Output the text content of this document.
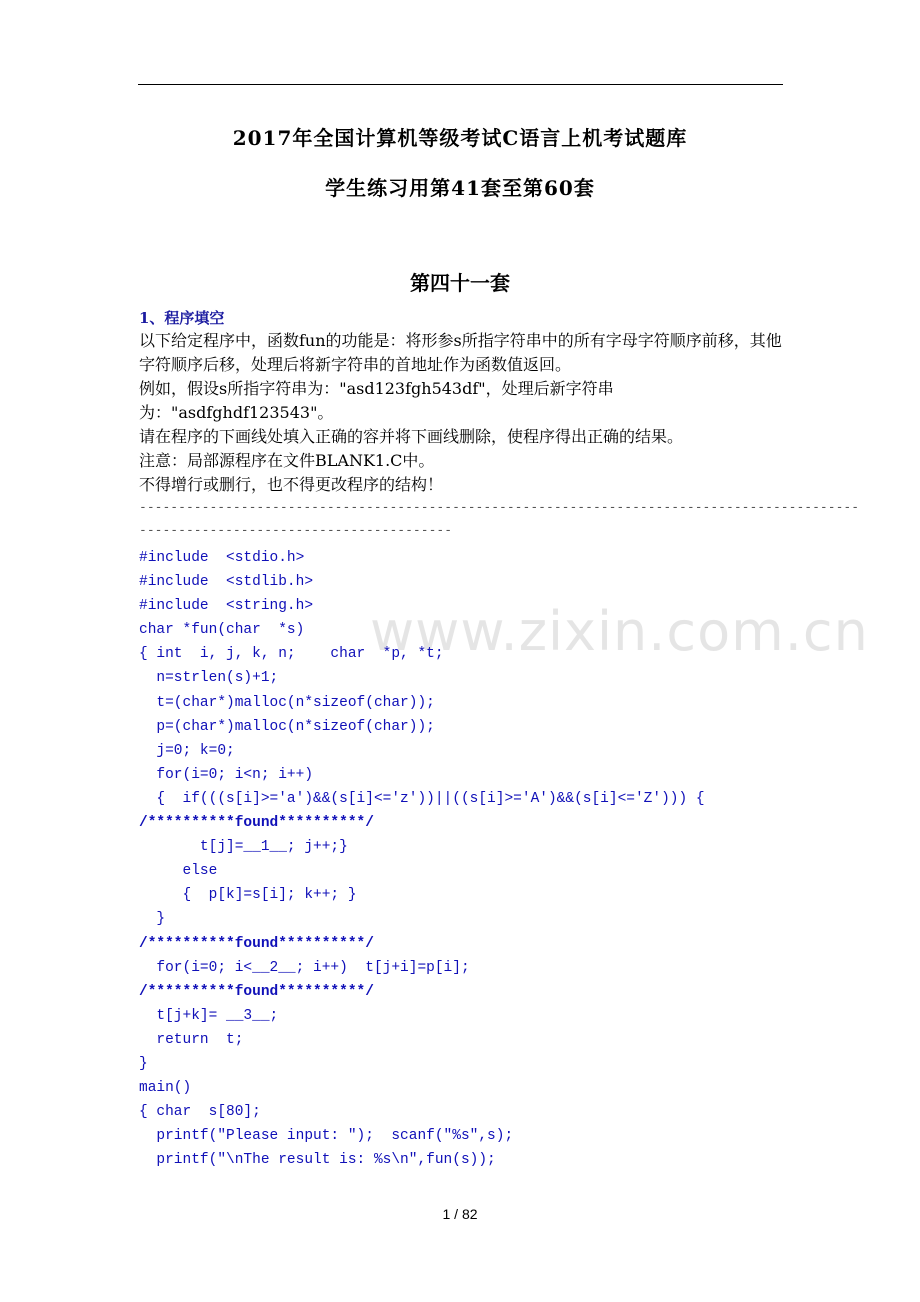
2017年全国计算机等级考试C语言上机考试题库
学生练习用第41套至第60套
第四十一套
1、程序填空
以下给定程序中，函数fun的功能是：将形参s所指字符串中的所有字母字符顺序前移，其他字符顺序后移，处理后将新字符串的首地址作为函数值返回。
例如，假设s所指字符串为："asd123fgh543df"，处理后新字符串为："asdfghdf123543"。
请在程序的下画线处填入正确的容并将下画线删除，使程序得出正确的结果。
注意：局部源程序在文件BLANK1.C中。
不得增行或删行，也不得更改程序的结构！
--------------------------------------------------------------------------------------------
----------------------------------------
www.zixin.com.cn
#include  <stdio.h>
#include  <stdlib.h>
#include  <string.h>
char *fun(char  *s)
{ int  i, j, k, n;    char  *p, *t;
n=strlen(s)+1;
t=(char*)malloc(n*sizeof(char));
p=(char*)malloc(n*sizeof(char));
j=0; k=0;
for(i=0; i<n; i++)
{  if(((s[i]>='a')&&(s[i]<='z'))||((s[i]>='A')&&(s[i]<='Z'))) {
/**********found**********/
t[j]=__1__; j++;}
else
{  p[k]=s[i]; k++; }
}
/**********found**********/
for(i=0; i<__2__; i++)  t[j+i]=p[i];
/**********found**********/
t[j+k]= __3__;
return  t;
}
main()
{ char  s[80];
printf("Please input: ");  scanf("%s",s);
printf("\nThe result is: %s\n",fun(s));
1 / 82
